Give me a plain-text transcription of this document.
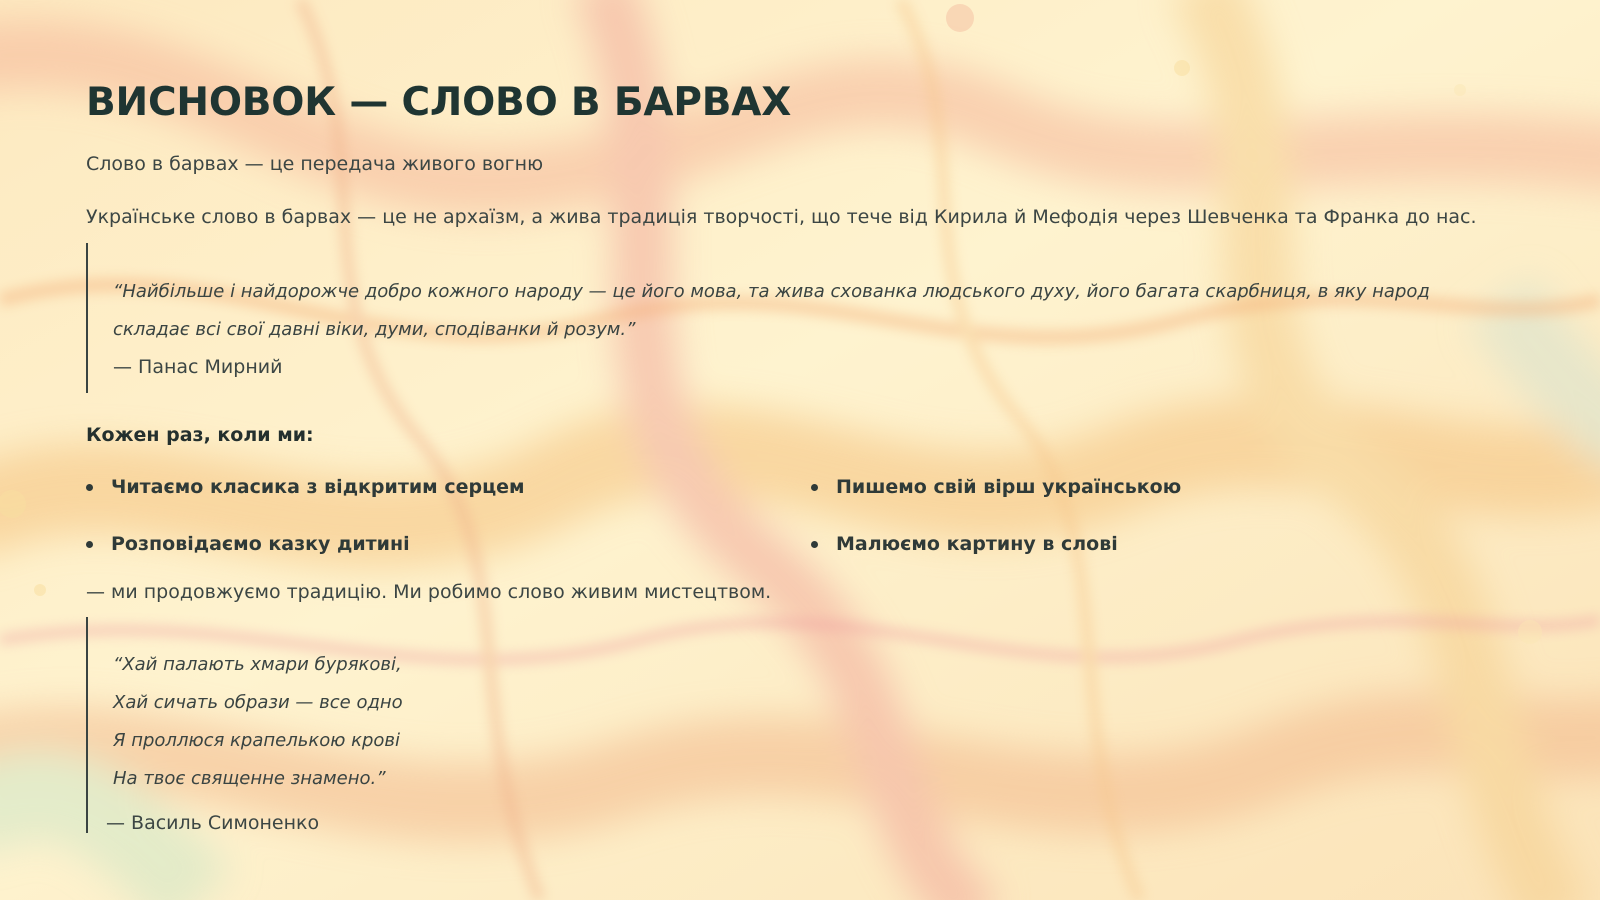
ВИСНОВОК — СЛОВО В БАРВАХ
Слово в барвах — це передача живого вогню
Українське слово в барвах — це не архаїзм, а жива традиція творчості, що тече від Кирила й Мефодія через Шевченка та Франка до нас.
“Найбільше і найдорожче добро кожного народу — це його мова, та жива схованка людського духу, його багата скарбниця, в яку народ складає всі свої давні віки, думи, сподіванки й розум.”
— Панас Мирний
Кожен раз, коли ми:
Читаємо класика з відкритим серцем
Розповідаємо казку дитині
Пишемо свій вірш українською
Малюємо картину в слові
— ми продовжуємо традицію. Ми робимо слово живим мистецтвом.
“Хай палають хмари бурякові,
Хай сичать образи — все одно
Я проллюся крапелькою крові
На твоє священне знамено.”
— Василь Симоненко
